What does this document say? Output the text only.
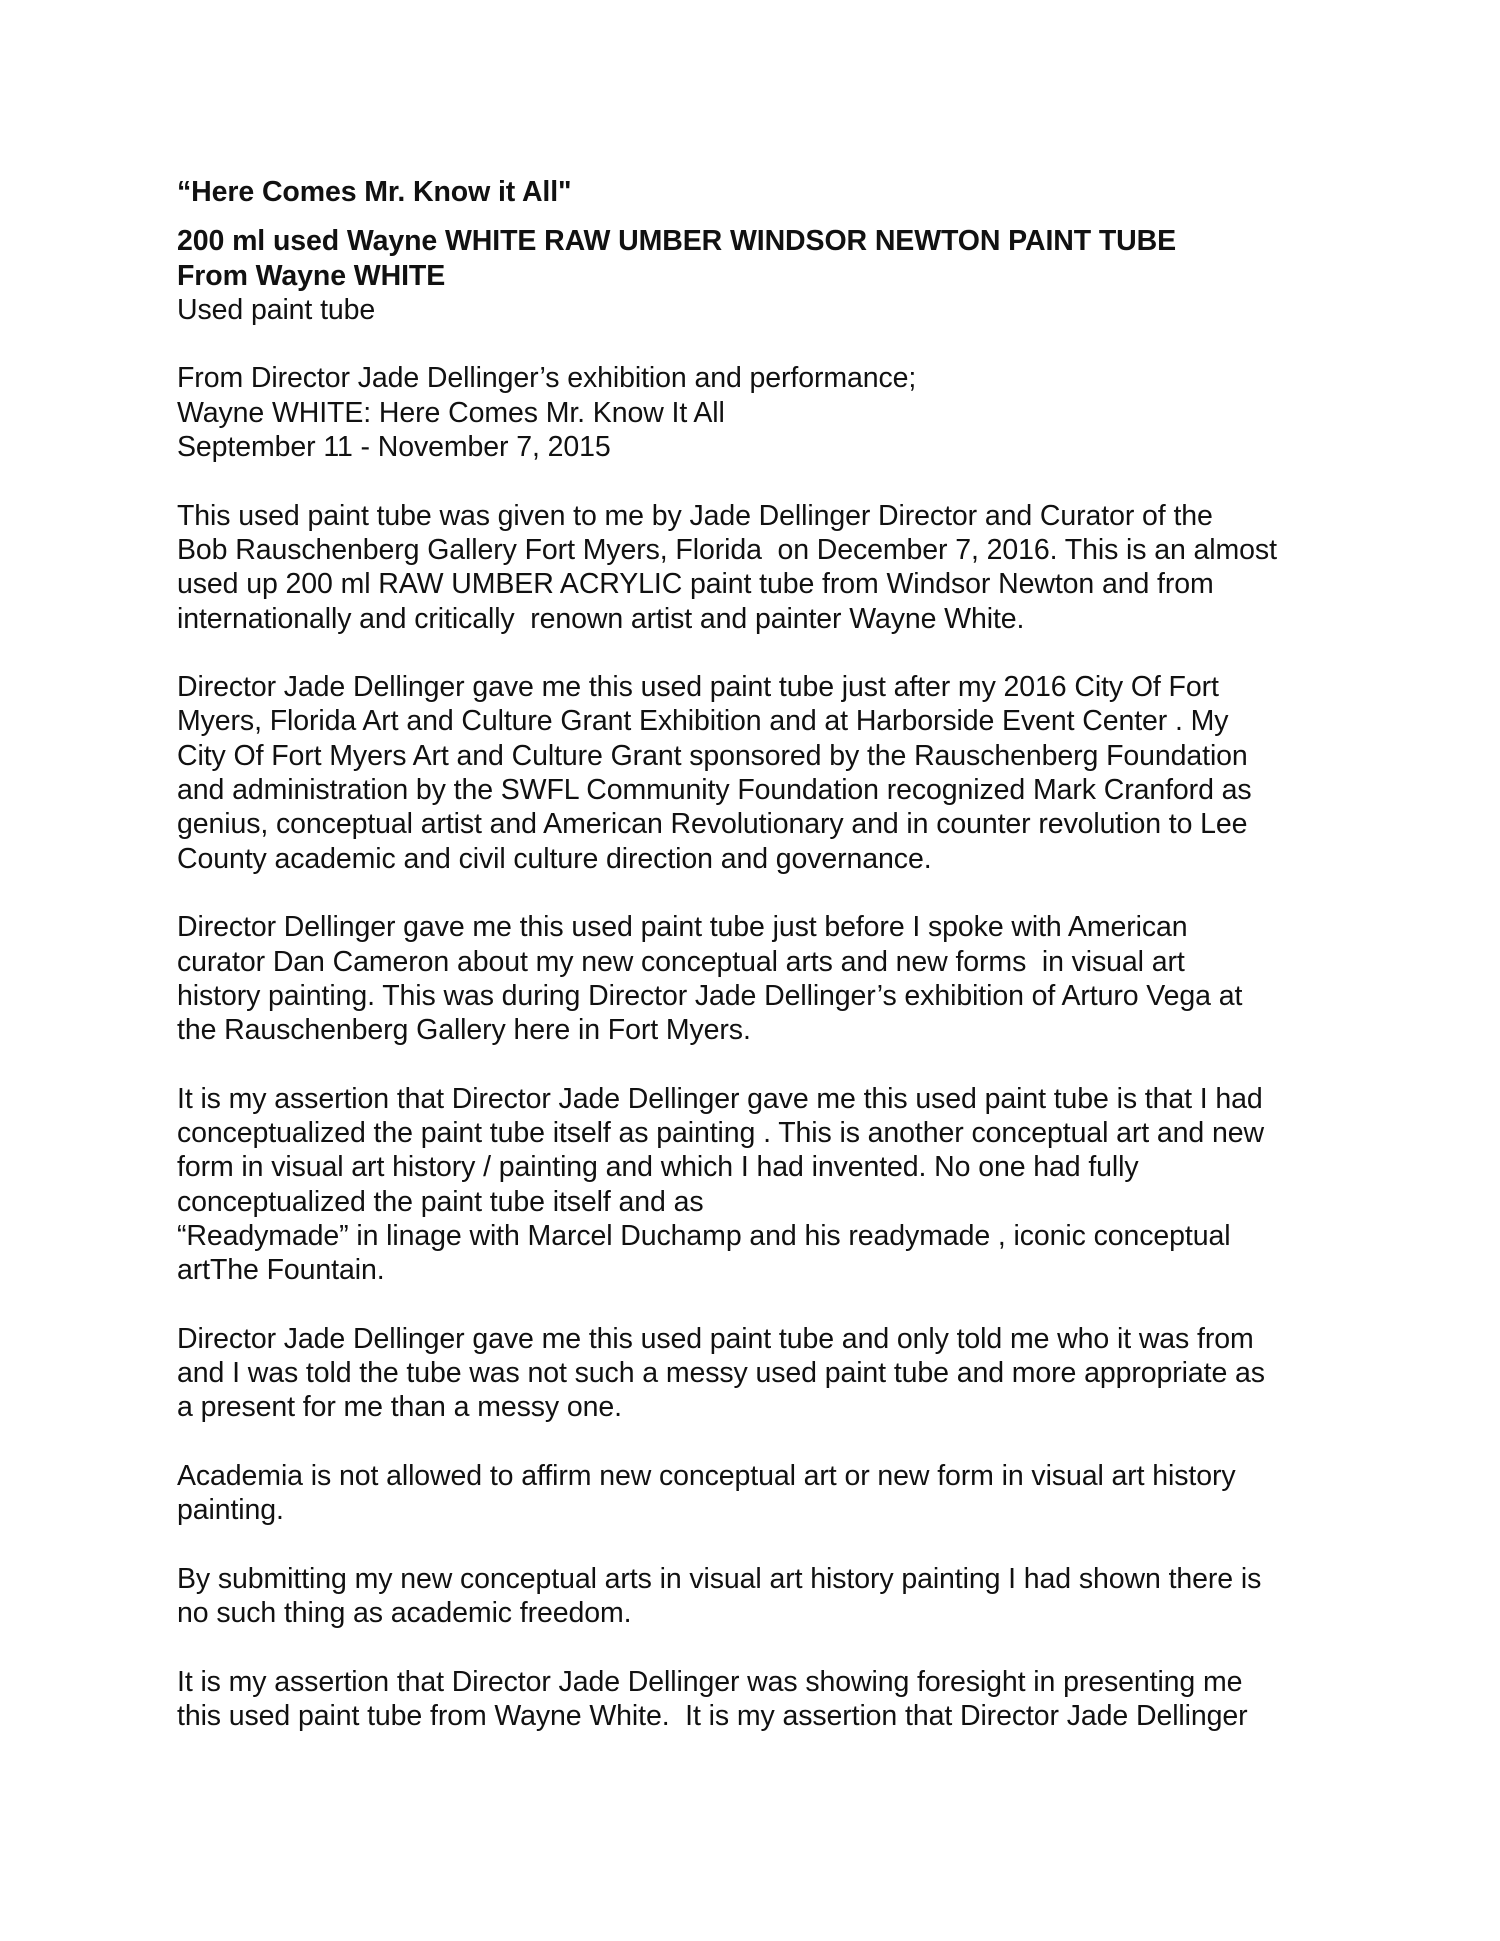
“Here Comes Mr. Know it All"
200 ml used Wayne WHITE RAW UMBER WINDSOR NEWTON PAINT TUBE
From Wayne WHITE
Used paint tube
From Director Jade Dellinger’s exhibition and performance;
Wayne WHITE: Here Comes Mr. Know It All
September 11 - November 7, 2015
This used paint tube was given to me by Jade Dellinger Director and Curator of the
Bob Rauschenberg Gallery Fort Myers, Florida  on December 7, 2016. This is an almost
used up 200 ml RAW UMBER ACRYLIC paint tube from Windsor Newton and from
internationally and critically  renown artist and painter Wayne White.
Director Jade Dellinger gave me this used paint tube just after my 2016 City Of Fort
Myers, Florida Art and Culture Grant Exhibition and at Harborside Event Center . My
City Of Fort Myers Art and Culture Grant sponsored by the Rauschenberg Foundation
and administration by the SWFL Community Foundation recognized Mark Cranford as
genius, conceptual artist and American Revolutionary and in counter revolution to Lee
County academic and civil culture direction and governance.
Director Dellinger gave me this used paint tube just before I spoke with American
curator Dan Cameron about my new conceptual arts and new forms  in visual art
history painting. This was during Director Jade Dellinger’s exhibition of Arturo Vega at
the Rauschenberg Gallery here in Fort Myers.
It is my assertion that Director Jade Dellinger gave me this used paint tube is that I had
conceptualized the paint tube itself as painting . This is another conceptual art and new
form in visual art history / painting and which I had invented. No one had fully
conceptualized the paint tube itself and as
“Readymade” in linage with Marcel Duchamp and his readymade , iconic conceptual
artThe Fountain.
Director Jade Dellinger gave me this used paint tube and only told me who it was from
and I was told the tube was not such a messy used paint tube and more appropriate as
a present for me than a messy one.
Academia is not allowed to affirm new conceptual art or new form in visual art history
painting.
By submitting my new conceptual arts in visual art history painting I had shown there is
no such thing as academic freedom.
It is my assertion that Director Jade Dellinger was showing foresight in presenting me
this used paint tube from Wayne White.  It is my assertion that Director Jade Dellinger
